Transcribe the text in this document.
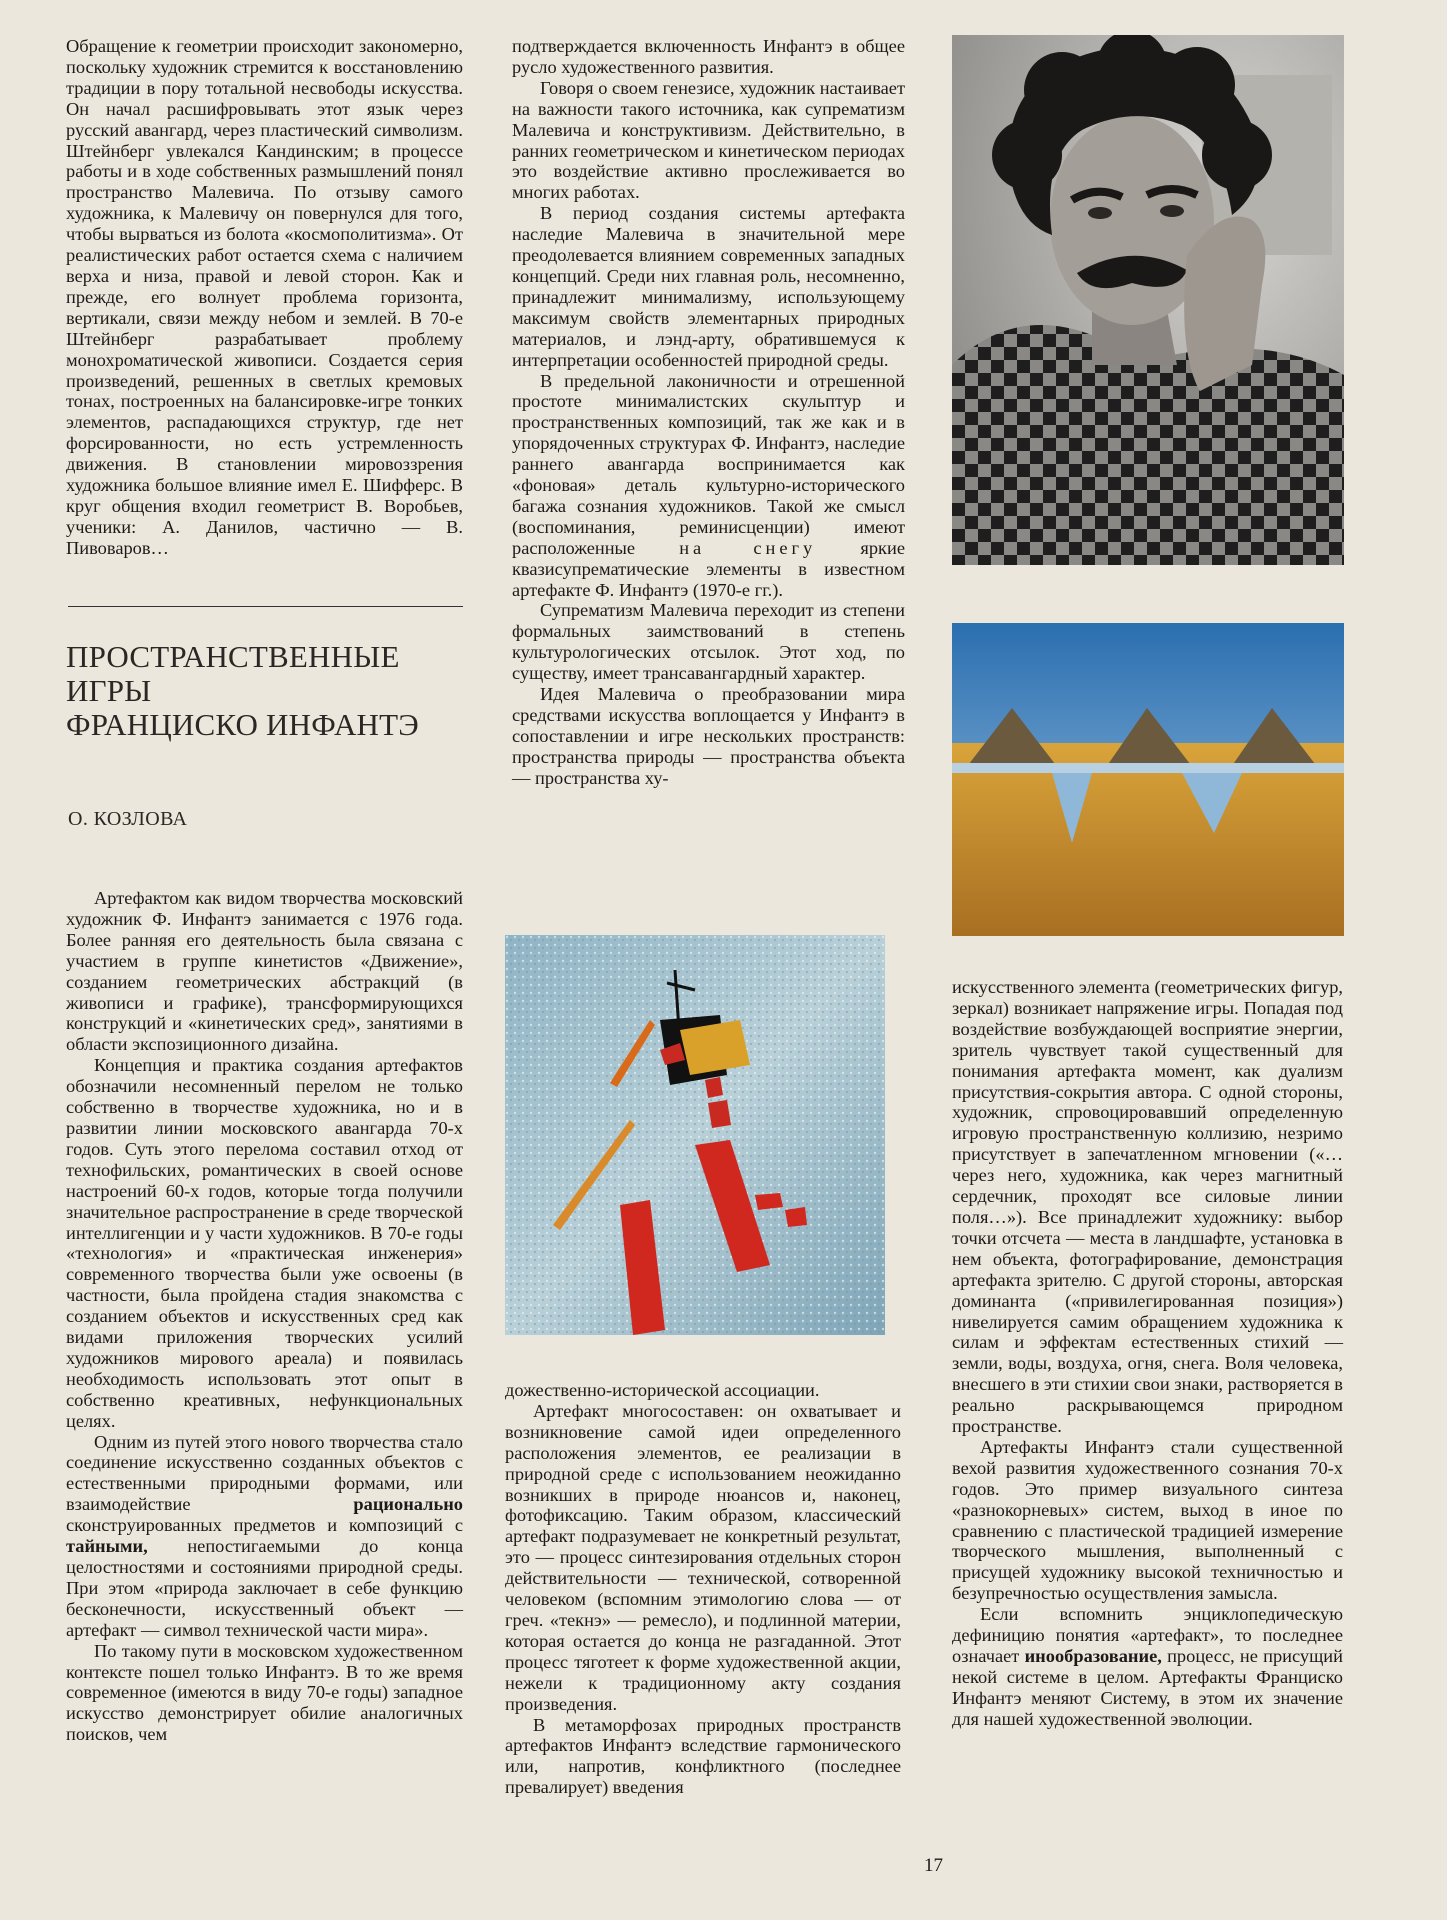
Обращение к геометрии происходит закономерно, поскольку художник стремится к восстановлению традиции в пору тотальной несвободы искусства. Он начал расшифровывать этот язык через русский авангард, через пластический символизм. Штейнберг увлекался Кандинским; в процессе работы и в ходе собственных размышлений понял пространство Малевича. По отзыву самого художника, к Малевичу он повернулся для того, чтобы вырваться из болота «космополитизма». От реалистических работ остается схема с наличием верха и низа, правой и левой сторон. Как и прежде, его волнует проблема горизонта, вертикали, связи между небом и землей. В 70-е Штейнберг разрабатывает проблему монохроматической живописи. Создается серия произведений, решенных в светлых кремовых тонах, построенных на балансировке-игре тонких элементов, распадающихся структур, где нет форсированности, но есть устремленность движения. В становлении мировоззрения художника большое влияние имел Е. Шифферс. В круг общения входил геометрист В. Воробьев, ученики: А. Данилов, частично — В. Пивоваров…

ПРОСТРАНСТВЕННЫЕ ИГРЫ
ФРАНЦИСКО ИНФАНТЭ
О. КОЗЛОВА

Артефактом как видом творчества московский художник Ф. Инфантэ занимается с 1976 года. Более ранняя его деятельность была связана с участием в группе кинетистов «Движение», созданием геометрических абстракций (в живописи и графике), трансформирующихся конструкций и «кинетических сред», занятиями в области экспозиционного дизайна.

Концепция и практика создания артефактов обозначили несомненный перелом не только собственно в творчестве художника, но и в развитии линии московского авангарда 70-х годов. Суть этого перелома составил отход от технофильских, романтических в своей основе настроений 60-х годов, которые тогда получили значительное распространение в среде творческой интеллигенции и у части художников. В 70-е годы «технология» и «практическая инженерия» современного творчества были уже освоены (в частности, была пройдена стадия знакомства с созданием объектов и искусственных сред как видами приложения творческих усилий художников мирового ареала) и появилась необходимость использовать этот опыт в собственно креативных, нефункциональных целях.

Одним из путей этого нового творчества стало соединение искусственно созданных объектов с естественными природными формами, или взаимодействие	рационально сконструированных предметов и композиций с тайными, непостигаемыми до конца целостностями и состояниями природной среды. При этом «природа заключает в себе функцию бесконечности, искусственный объект — артефакт — символ технической части мира».

По такому пути в московском художественном контексте пошел только Инфантэ. В то же время современное (имеются в виду 70-е годы) западное искусство демонстрирует обилие аналогичных поисков, чем

подтверждается включенность Инфантэ в общее русло художественного развития.

Говоря о своем генезисе, художник настаивает на важности такого источника, как супрематизм Малевича и конструктивизм. Действительно, в ранних геометрическом и кинетическом периодах это воздействие активно прослеживается во многих работах.

В период создания системы артефакта наследие Малевича в значительной мере преодолевается влиянием современных западных концепций. Среди них главная роль, несомненно, принадлежит минимализму, использующему максимум свойств элементарных природных материалов, и лэнд-арту, обратившемуся к интерпретации особенностей природной среды.

В предельной лаконичности и отрешенной простоте минималистских скульптур и пространственных композиций, так же как и в упорядоченных структурах Ф. Инфантэ, наследие раннего авангарда воспринимается как «фоновая» деталь культурно-исторического багажа сознания художников. Такой же смысл (воспоминания, реминисценции) имеют расположенные на снегу яркие квазисупрематические элементы в известном артефакте Ф. Инфантэ (1970-е гг.).

Супрематизм Малевича переходит из степени формальных заимствований в степень культурологических отсылок. Этот ход, по существу, имеет трансавангардный характер.

Идея Малевича о преобразовании мира средствами искусства воплощается у Инфантэ в сопоставлении и игре нескольких пространств: пространства природы — пространства объекта — пространства ху-

дожественно-исторической ассоциации.

Артефакт многосоставен: он охватывает и возникновение самой идеи определенного расположения элементов, ее реализации в природной среде с использованием неожиданно возникших в природе нюансов и, наконец, фотофиксацию. Таким образом, классический артефакт подразумевает не конкретный результат, это — процесс синтезирования отдельных сторон действительности — технической, сотворенной человеком (вспомним этимологию слова — от греч. «текнэ» — ремесло), и подлинной материи, которая остается до конца не разгаданной. Этот процесс тяготеет к форме художественной акции, нежели к традиционному акту создания произведения.

В метаморфозах природных пространств артефактов Инфантэ вследствие гармонического или, напротив, конфликтного (последнее превалирует) введения

искусственного элемента (геометрических фигур, зеркал) возникает напряжение игры. Попадая под воздействие возбуждающей восприятие энергии, зритель чувствует такой существенный для понимания артефакта момент, как дуализм присутствия-сокрытия автора. С одной стороны, художник, спровоцировавший определенную игровую пространственную коллизию, незримо присутствует в запечатленном мгновении («…через него, художника, как через магнитный сердечник, проходят все силовые линии поля…»). Все принадлежит художнику: выбор точки отсчета — места в ландшафте, установка в нем объекта, фотографирование, демонстрация артефакта зрителю. С другой стороны, авторская доминанта («привилегированная позиция») нивелируется самим обращением художника к силам и эффектам естественных стихий — земли, воды, воздуха, огня, снега. Воля человека, внесшего в эти стихии свои знаки, растворяется в реально раскрывающемся природном пространстве.

Артефакты Инфантэ стали существенной вехой развития художественного сознания 70-х годов. Это пример визуального синтеза «разнокорневых» систем, выход в иное по сравнению с пластической традицией измерение творческого мышления, выполненный с присущей художнику высокой техничностью и безупречностью осуществления замысла.

Если вспомнить энциклопедическую дефиницию понятия «артефакт», то последнее означает инообразование, процесс, не присущий некой системе в целом. Артефакты Франциско Инфантэ меняют Систему, в этом их значение для нашей художественной эволюции.

17
